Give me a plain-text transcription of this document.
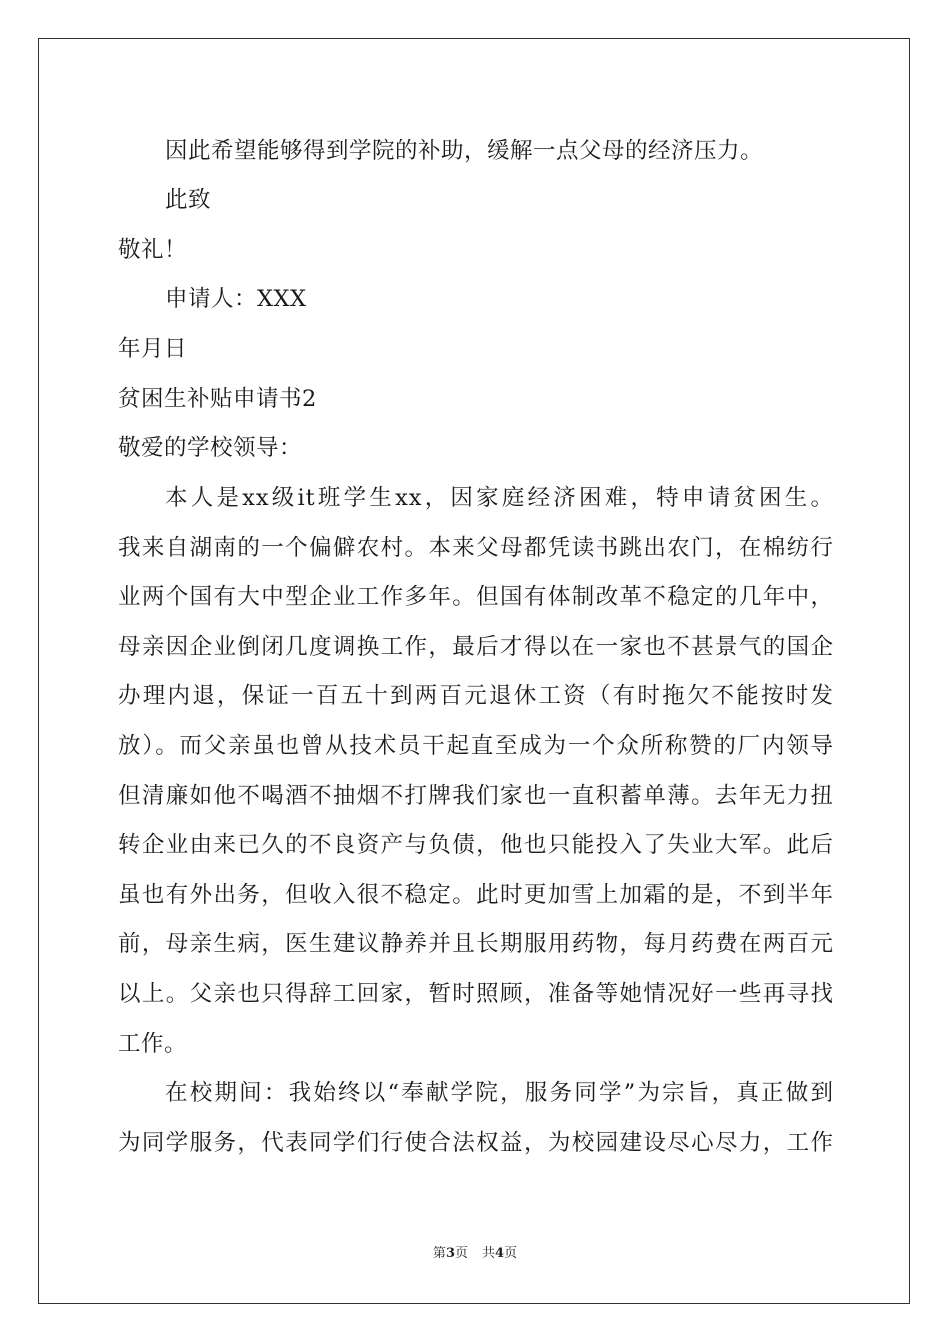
因此希望能够得到学院的补助，缓解一点父母的经济压力。
此致
敬礼！
申请人：XXX
年月日
贫困生补贴申请书2
敬爱的学校领导：
本人是xx级it班学生xx，因家庭经济困难，特申请贫困生。
我来自湖南的一个偏僻农村。本来父母都凭读书跳出农门，在棉纺行
业两个国有大中型企业工作多年。但国有体制改革不稳定的几年中，
母亲因企业倒闭几度调换工作，最后才得以在一家也不甚景气的国企
办理内退，保证一百五十到两百元退休工资（有时拖欠不能按时发
放）。而父亲虽也曾从技术员干起直至成为一个众所称赞的厂内领导
但清廉如他不喝酒不抽烟不打牌我们家也一直积蓄单薄。去年无力扭
转企业由来已久的不良资产与负债，他也只能投入了失业大军。此后
虽也有外出务，但收入很不稳定。此时更加雪上加霜的是，不到半年
前，母亲生病，医生建议静养并且长期服用药物，每月药费在两百元
以上。父亲也只得辞工回家，暂时照顾，准备等她情况好一些再寻找
工作。
在校期间：我始终以“奉献学院，服务同学”为宗旨，真正做到
为同学服务，代表同学们行使合法权益，为校园建设尽心尽力，工作
第3页 共4页
